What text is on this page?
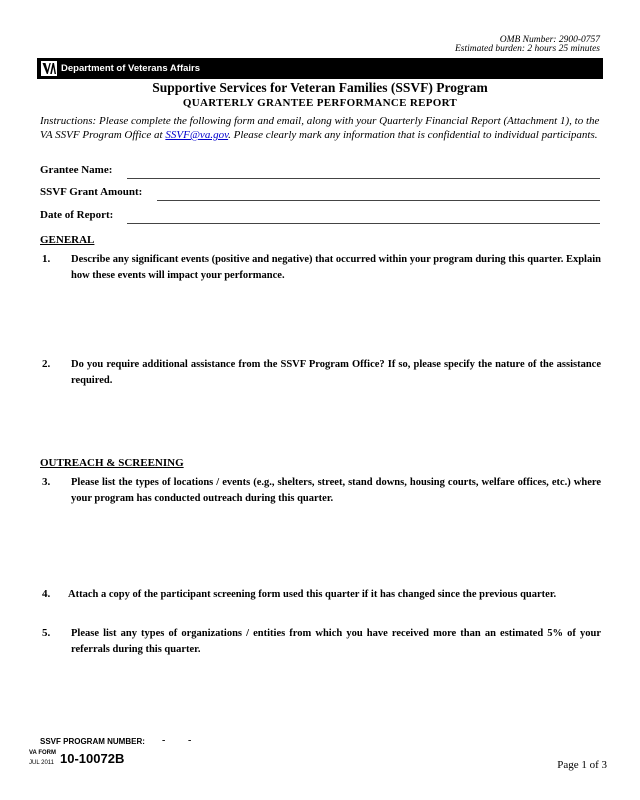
OMB Number: 2900-0757
Estimated burden: 2 hours 25 minutes
Department of Veterans Affairs
Supportive Services for Veteran Families (SSVF) Program
QUARTERLY GRANTEE PERFORMANCE REPORT
Instructions: Please complete the following form and email, along with your Quarterly Financial Report (Attachment 1), to the VA SSVF Program Office at SSVF@va.gov. Please clearly mark any information that is confidential to individual participants.
Grantee Name:
SSVF Grant Amount:
Date of Report:
GENERAL
1. Describe any significant events (positive and negative) that occurred within your program during this quarter. Explain how these events will impact your performance.
2. Do you require additional assistance from the SSVF Program Office? If so, please specify the nature of the assistance required.
OUTREACH & SCREENING
3. Please list the types of locations / events (e.g., shelters, street, stand downs, housing courts, welfare offices, etc.) where your program has conducted outreach during this quarter.
4. Attach a copy of the participant screening form used this quarter if it has changed since the previous quarter.
5. Please list any types of organizations / entities from which you have received more than an estimated 5% of your referrals during this quarter.
SSVF PROGRAM NUMBER: - -
VA FORM
JUL 2011 10-10072B	Page 1 of 3
